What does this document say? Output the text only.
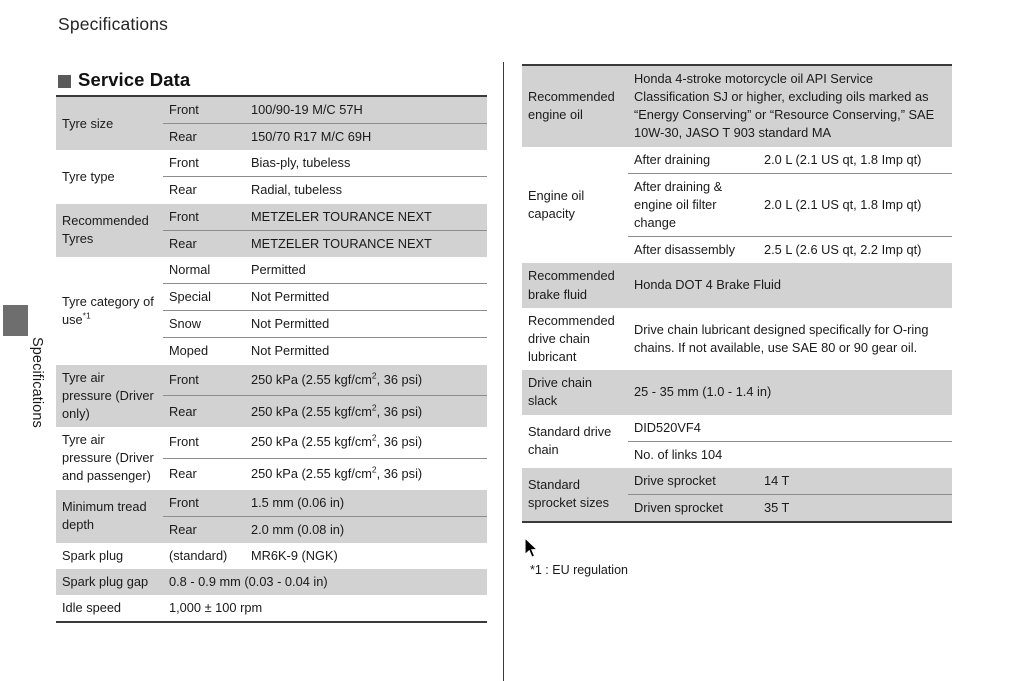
Specifications
Specifications
Service Data
Tyre size	Front	100/90-19 M/C 57H
	Rear	150/70 R17 M/C 69H
Tyre type	Front	Bias-ply, tubeless
	Rear	Radial, tubeless
Recommended Tyres	Front	METZELER TOURANCE NEXT
	Rear	METZELER TOURANCE NEXT
Tyre category of use$^{*1}$	Normal	Permitted
	Special	Not Permitted
	Snow	Not Permitted
	Moped	Not Permitted
Tyre air pressure (Driver only)	Front	250 kPa (2.55 kgf/$cm^2$, 36 psi)
	Rear	250 kPa (2.55 kgf/$cm^2$, 36 psi)
Tyre air pressure (Driver and passenger)	Front	250 kPa (2.55 kgf/$cm^2$, 36 psi)
	Rear	250 kPa (2.55 kgf/$cm^2$, 36 psi)
Minimum tread depth	Front	1.5 mm (0.06 in)
	Rear	2.0 mm (0.08 in)
Spark plug	(standard)	MR6K-9 (NGK)
Spark plug gap	0.8 - 0.9 mm (0.03 - 0.04 in)	
Idle speed	1,000 ± 100 rpm	
Recommended engine oil	Honda 4-stroke motorcycle oil API Service Classification SJ or higher, excluding oils marked as “Energy Conserving” or “Resource Conserving,” SAE 10W-30, JASO T 903 standard MA	
Engine oil capacity	After draining	2.0 L (2.1 US qt, 1.8 Imp qt)
	After draining & engine oil filter change	2.0 L (2.1 US qt, 1.8 Imp qt)
	After disassembly	2.5 L (2.6 US qt, 2.2 Imp qt)
Recommended brake fluid	Honda DOT 4 Brake Fluid	
Recommended drive chain lubricant	Drive chain lubricant designed specifically for O-ring chains. If not available, use SAE 80 or 90 gear oil.	
Drive chain slack	25 - 35 mm (1.0 - 1.4 in)	
Standard drive chain	DID520VF4	
	No. of links 104	
Standard sprocket sizes	Drive sprocket	14 T
	Driven sprocket	35 T
*1 : EU regulation
